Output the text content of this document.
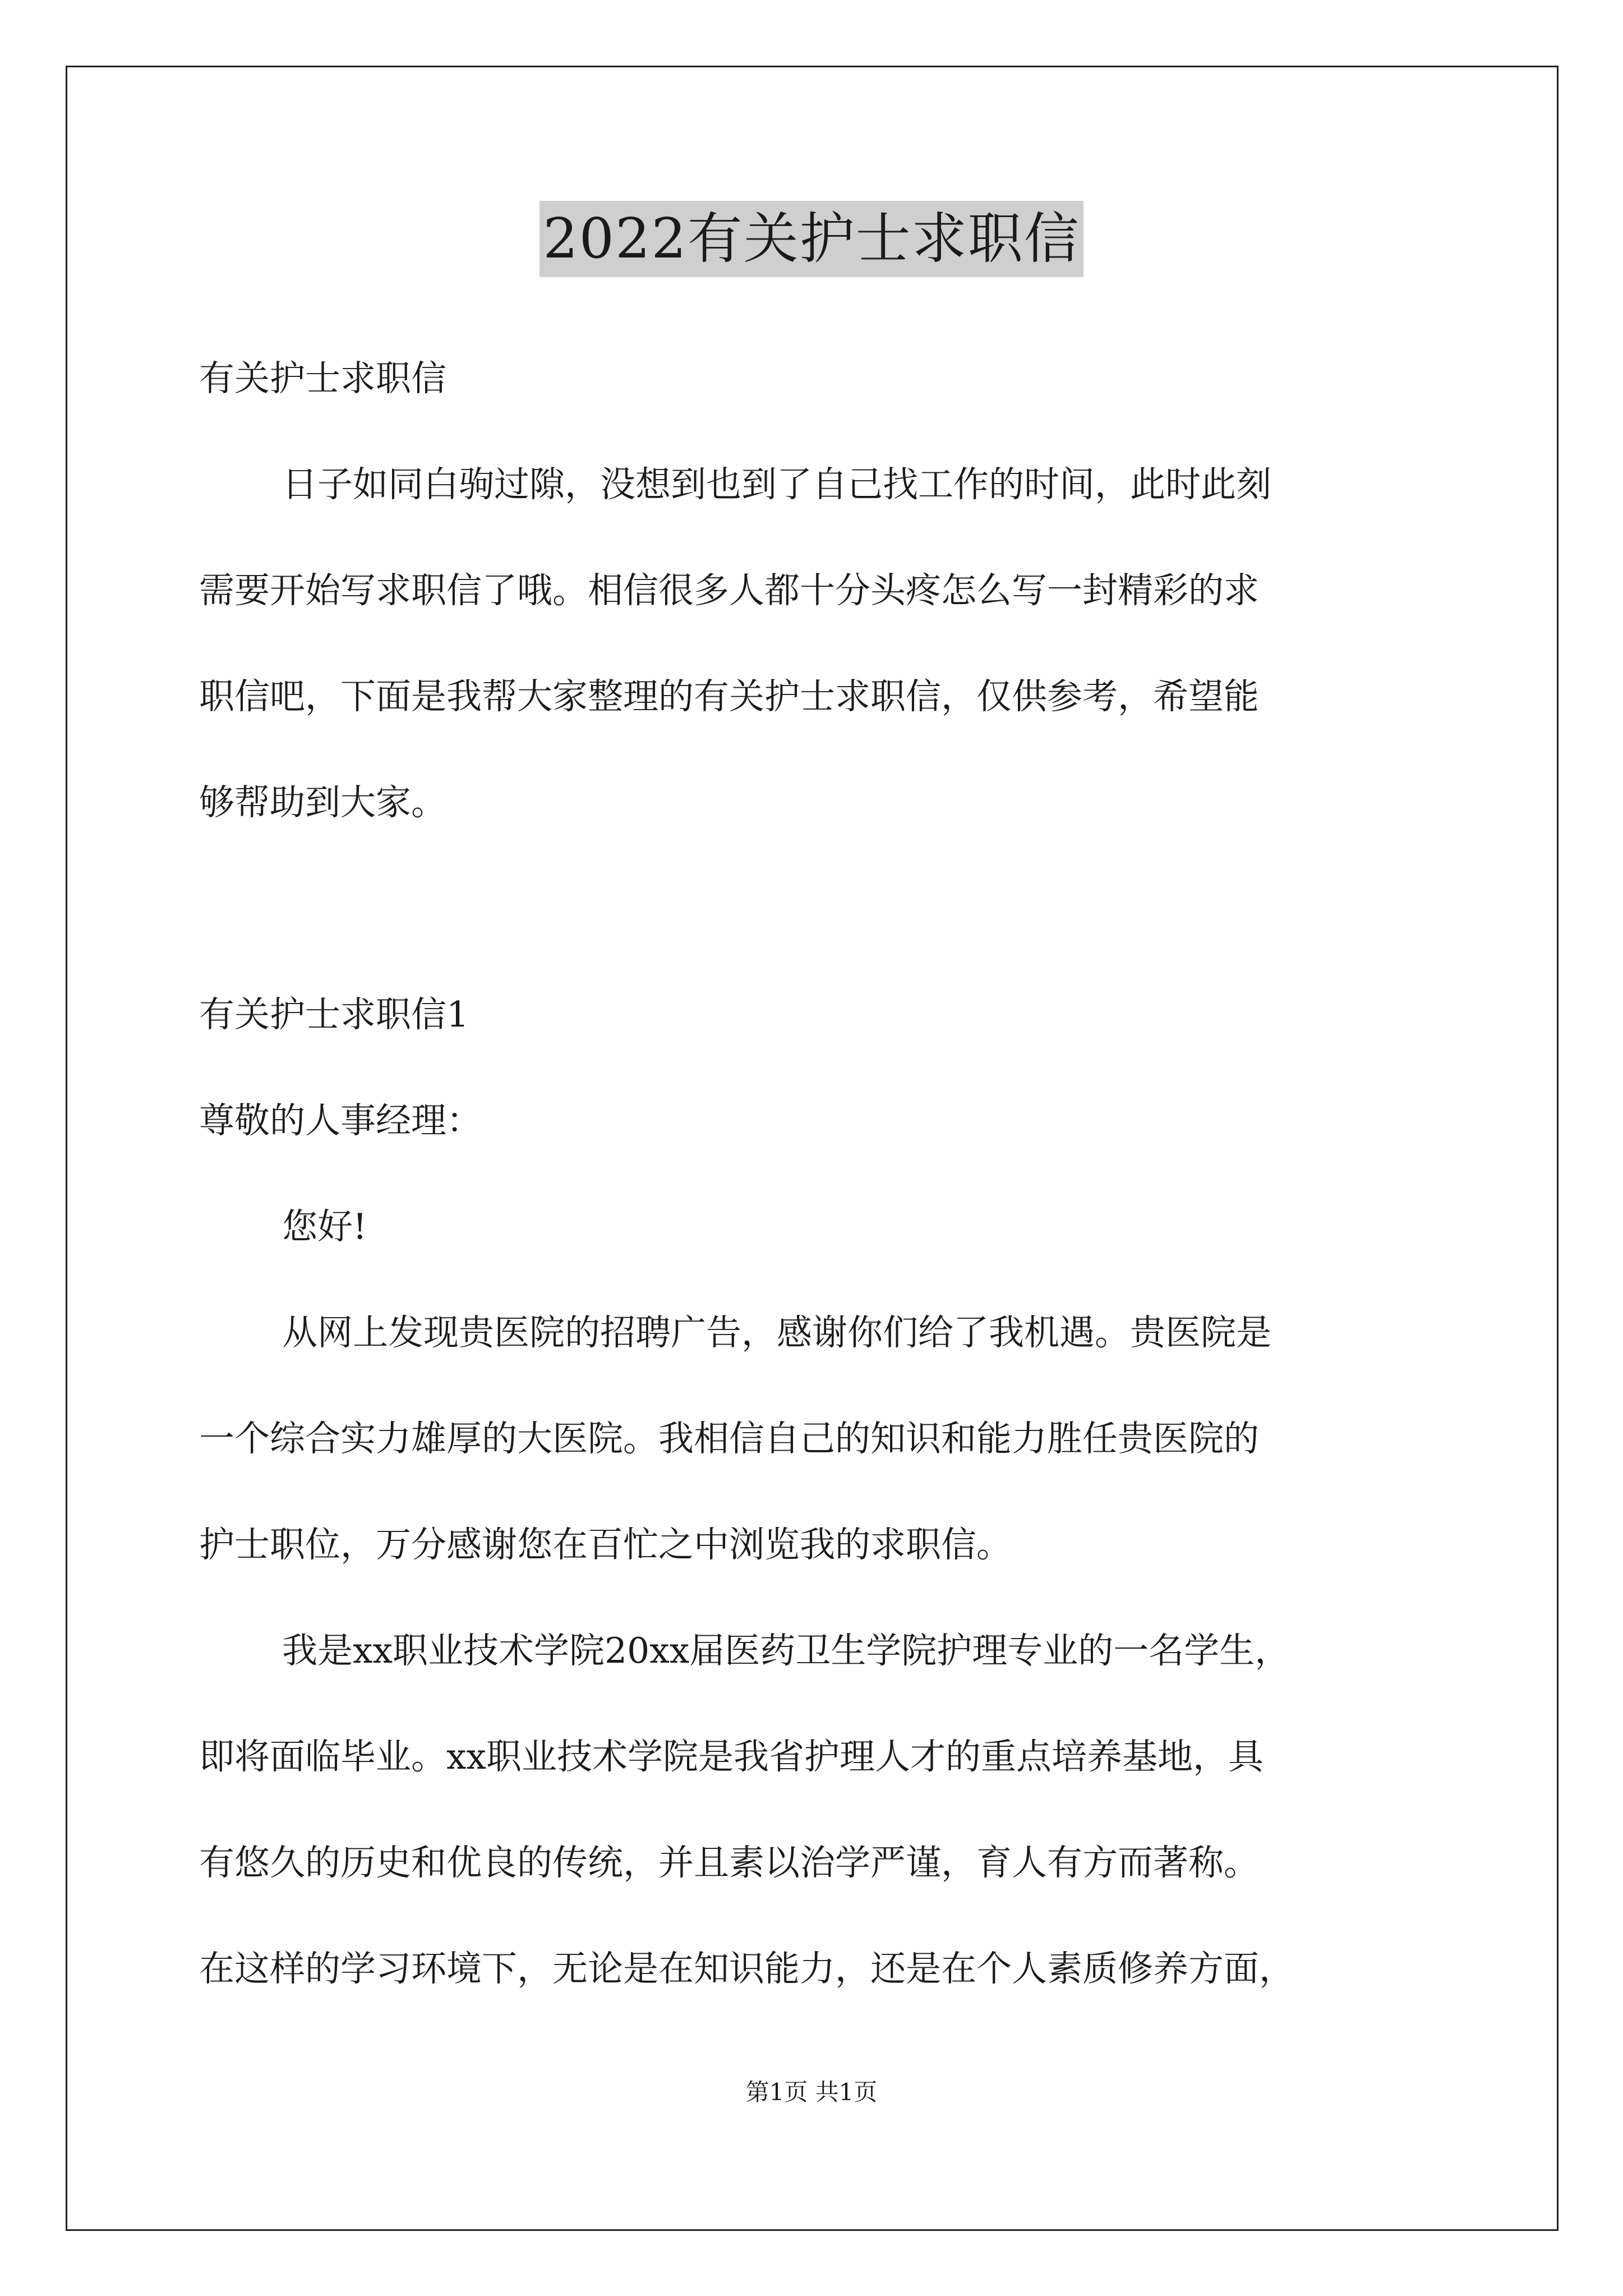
2022有关护士求职信
有关护士求职信
日子如同白驹过隙，没想到也到了自己找工作的时间，此时此刻
需要开始写求职信了哦。相信很多人都十分头疼怎么写一封精彩的求
职信吧，下面是我帮大家整理的有关护士求职信，仅供参考，希望能
够帮助到大家。
有关护士求职信1
尊敬的人事经理：
您好!
从网上发现贵医院的招聘广告，感谢你们给了我机遇。贵医院是
一个综合实力雄厚的大医院。我相信自己的知识和能力胜任贵医院的
护士职位，万分感谢您在百忙之中浏览我的求职信。
我是xx职业技术学院20xx届医药卫生学院护理专业的一名学生，
即将面临毕业。xx职业技术学院是我省护理人才的重点培养基地，具
有悠久的历史和优良的传统，并且素以治学严谨，育人有方而著称。
在这样的学习环境下，无论是在知识能力，还是在个人素质修养方面，
第1页 共1页
